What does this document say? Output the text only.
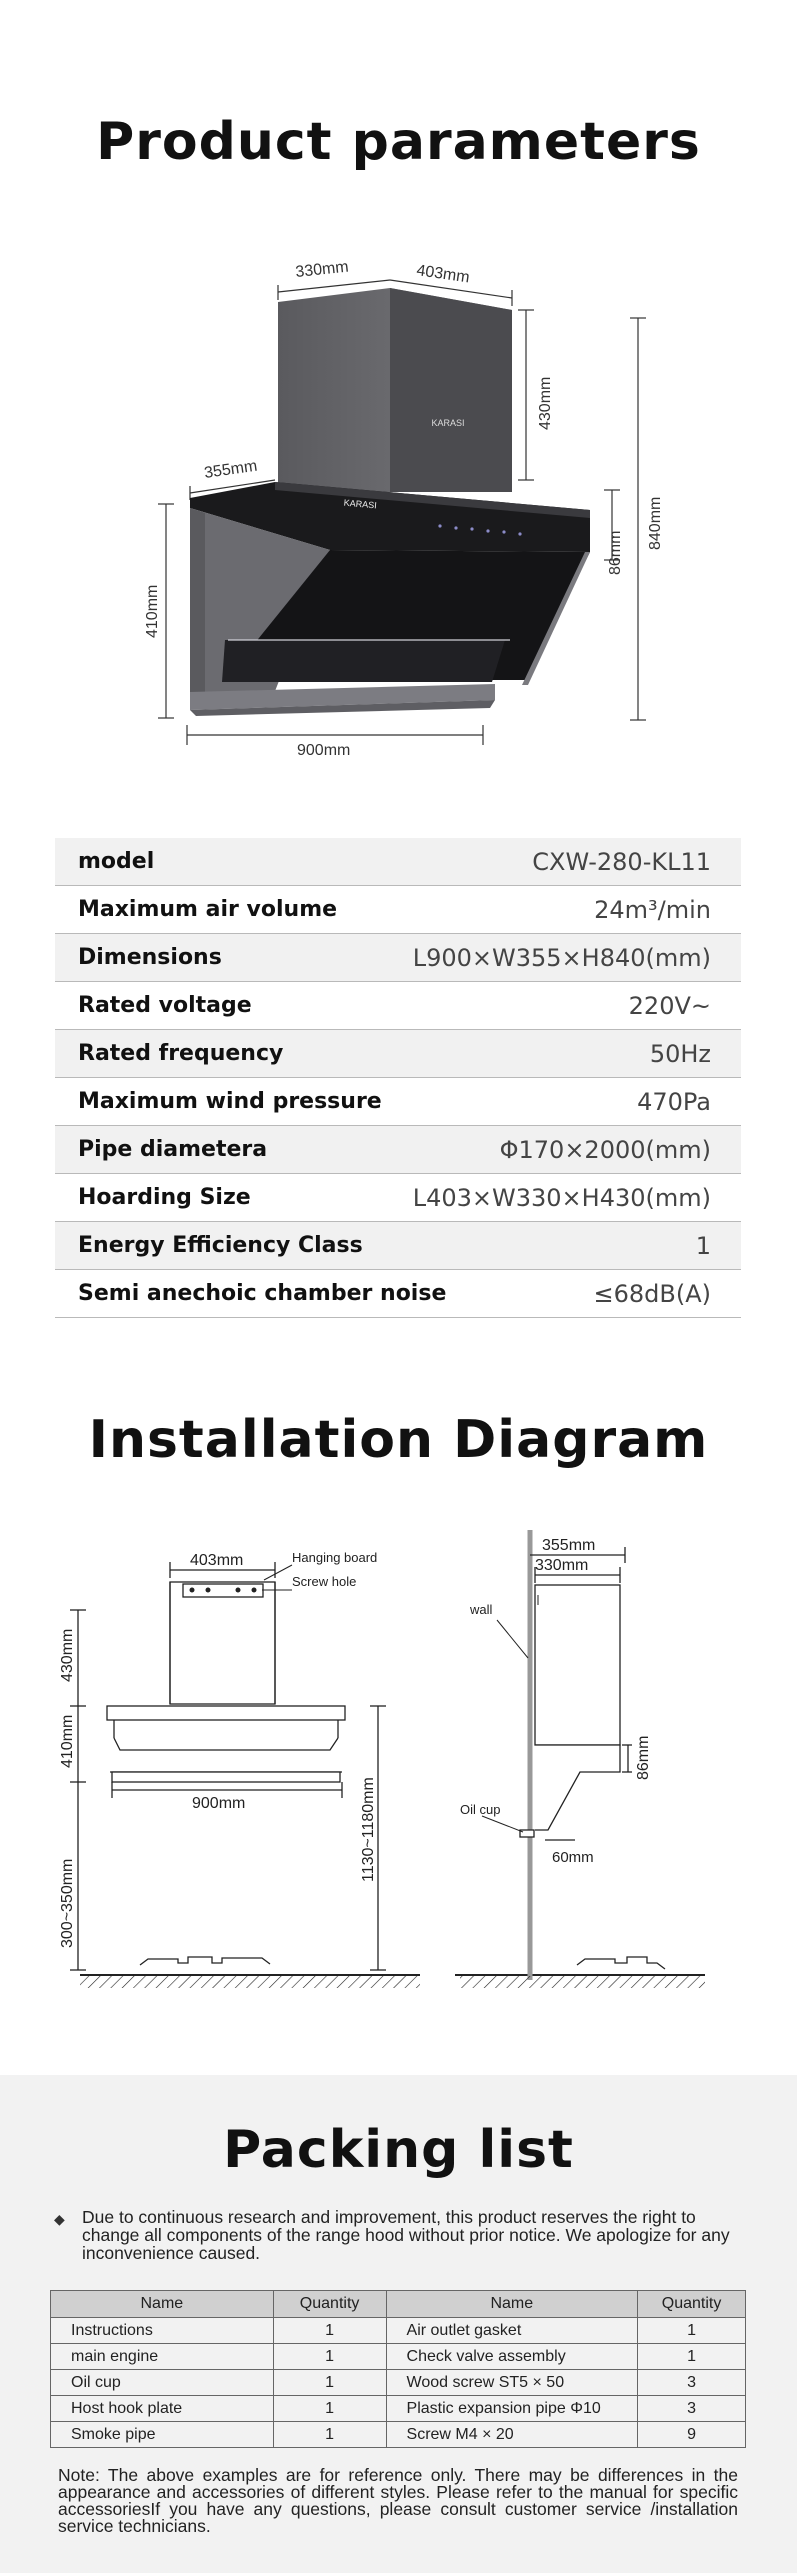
Product parameters
KARASI
KARASI
330mm	403mm
430mm
840mm
86mm
355mm
410mm
900mm
model	CXW-280-KL11
Maximum air volume	24m³/min
Dimensions	L900×W355×H840(mm)
Rated voltage	220V~
Rated frequency	50Hz
Maximum wind pressure	470Pa
Pipe diametera	Φ170×2000(mm)
Hoarding Size	L403×W330×H430(mm)
Energy Efficiency Class	1
Semi anechoic chamber noise	≤68dB(A)
Installation Diagram
403mm	Hanging board
Screw hole
430mm
410mm
300~350mm
1130~1180mm
900mm
355mm
330mm
wall
86mm
Oil cup
60mm
Packing list
◆ Due to continuous research and improvement, this product reserves the right to change all components of the range hood without prior notice. We apologize for any inconvenience caused.
Name	Quantity	Name	Quantity
Instructions	1	Air outlet gasket	1
main engine	1	Check valve assembly	1
Oil cup	1	Wood screw ST5 × 50	3
Host hook plate	1	Plastic expansion pipe Φ10	3
Smoke pipe	1	Screw M4 × 20	9
Note: The above examples are for reference only. There may be differences in the appearance and accessories of different styles. Please refer to the manual for specific accessoriesIf you have any questions, please consult customer service /installation service technicians.
